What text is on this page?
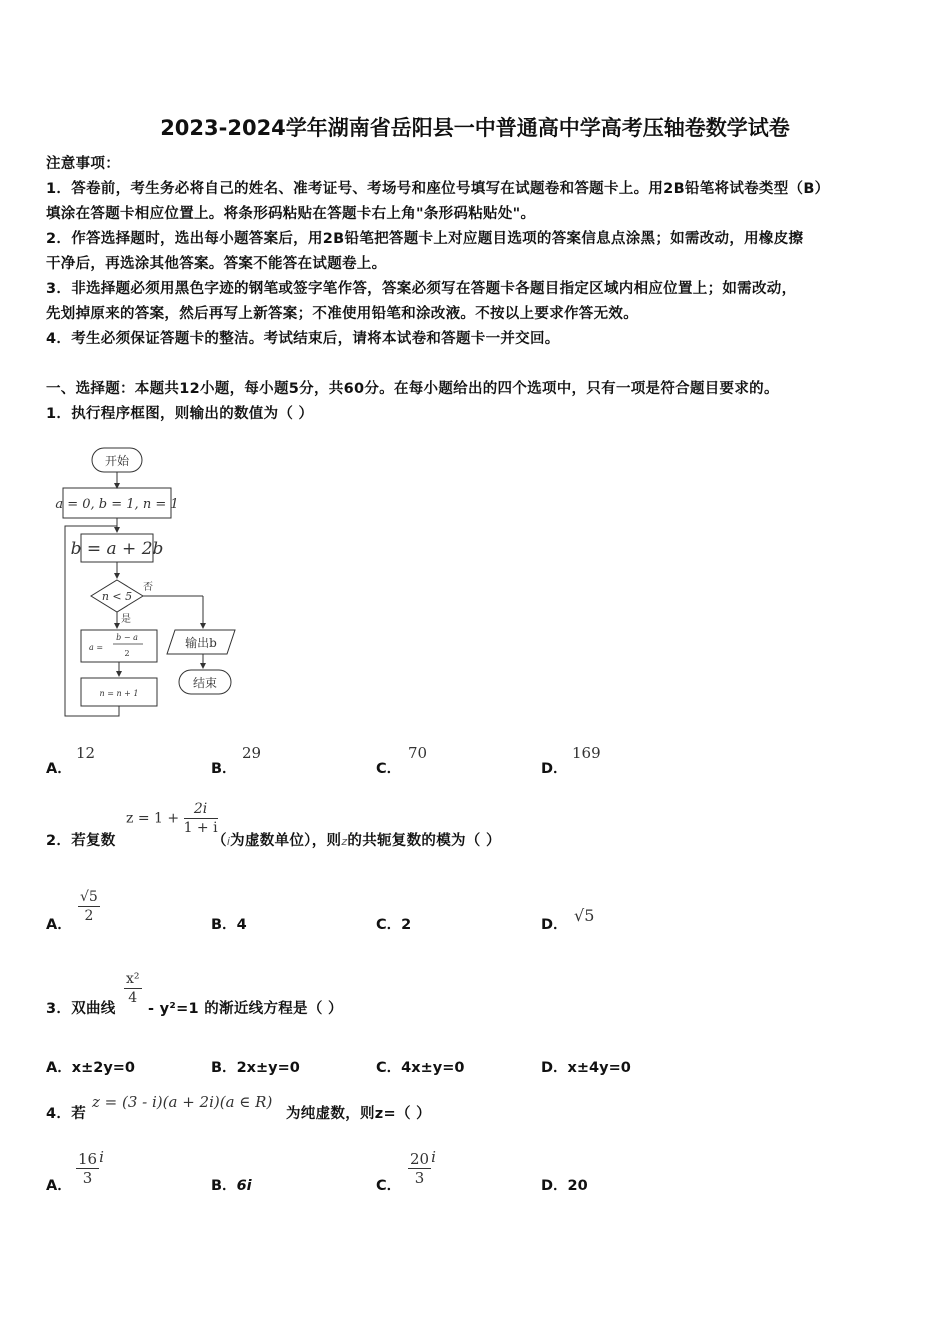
2023-2024学年湖南省岳阳县一中普通高中学高考压轴卷数学试卷
注意事项：
1．答卷前，考生务必将自己的姓名、准考证号、考场号和座位号填写在试题卷和答题卡上。用2B铅笔将试卷类型（B）
填涂在答题卡相应位置上。将条形码粘贴在答题卡右上角"条形码粘贴处"。
2．作答选择题时，选出每小题答案后，用2B铅笔把答题卡上对应题目选项的答案信息点涂黑；如需改动，用橡皮擦
干净后，再选涂其他答案。答案不能答在试题卷上。
3．非选择题必须用黑色字迹的钢笔或签字笔作答，答案必须写在答题卡各题目指定区域内相应位置上；如需改动，
先划掉原来的答案，然后再写上新答案；不准使用铅笔和涂改液。不按以上要求作答无效。
4．考生必须保证答题卡的整洁。考试结束后，请将本试卷和答题卡一并交回。
一、选择题：本题共12小题，每小题5分，共60分。在每小题给出的四个选项中，只有一项是符合题目要求的。
1．执行程序框图，则输出的数值为（ ）
开始
a = 0, b = 1, n = 1
b = a + 2b
n < 5
否
是
a =
b − a
2
n = n + 1
输出b
结束
A．
12
B．
29
C．
70
D．
169
2．若复数
$z = 1 + \frac{2i}{1 + i}$
（i为虚数单位），则z的共轭复数的模为（ ）
A． $\frac{√5}{2}$	B．4	C．2	D． √5
3．双曲线
$\frac{\text{x²}}{4}$
- y²=1 的渐近线方程是（ ）
A．x±2y=0	B．2x±y=0	C．4x±y=0	D．x±4y=0
4．若
z = (3 - i)(a + 2i)(a ∈ R)
为纯虚数，则z=（ ）
A． $\frac{16}{3}$ i
B．6i	C． $\frac{20}{3}$ i
D．20
